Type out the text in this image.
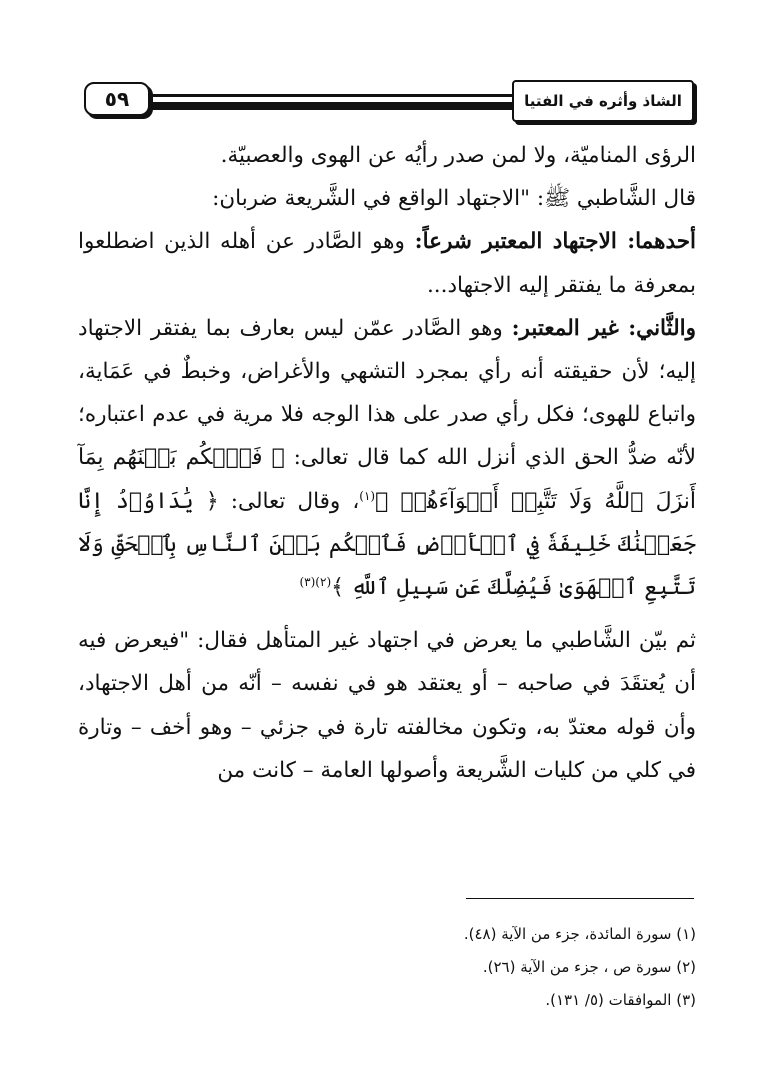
٥٩	الشاذ وأثره في الفتيا

الرؤى المناميّة، ولا لمن صدر رأيُه عن الهوى والعصبيّة.

قال الشَّاطبي ﷺ: "الاجتهاد الواقع في الشَّريعة ضربان:

أحدهما: الاجتهاد المعتبر شرعاً: وهو الصَّادر عن أهله الذين اضطلعوا بمعرفة ما يفتقر إليه الاجتهاد...

والثَّاني: غير المعتبر: وهو الصَّادر عمّن ليس بعارف بما يفتقر الاجتهاد إليه؛ لأن حقيقته أنه رأي بمجرد التشهي والأغراض، وخبطٌ في عَمَاية، واتباع للهوى؛ فكل رأي صدر على هذا الوجه فلا مرية في عدم اعتباره؛ لأنّه ضدُّ الحق الذي أنزل الله كما قال تعالى: ﴿ فَٱحۡكُم بَيۡنَهُم بِمَآ أَنزَلَ ٱللَّهُ وَلَا تَتَّبِعۡ أَهۡوَآءَهُمۡ ﴾$^{(١)}$، وقال تعالى: ﴿ يَٰدَاوُۥدُ إِنَّا جَعَلۡنَٰكَ خَلِيفَةٗ فِي ٱلۡأَرۡضِ فَٱحۡكُم بَيۡنَ ٱلنَّاسِ بِٱلۡحَقِّ وَلَا تَتَّبِعِ ٱلۡهَوَىٰ فَيُضِلَّكَ عَن سَبِيلِ ٱللَّهِ ﴾$^{(٢)(٣)}$

ثم بيّن الشَّاطبي ما يعرض في اجتهاد غير المتأهل فقال: "فيعرض فيه أن يُعتقَدَ في صاحبه – أو يعتقد هو في نفسه – أنّه من أهل الاجتهاد، وأن قوله معتدّ به، وتكون مخالفته تارة في جزئي – وهو أخف – وتارة في كلي من كليات الشَّريعة وأصولها العامة – كانت من

(١) سورة المائدة، جزء من الآية (٤٨).
(٢) سورة ص ، جزء من الآية (٢٦).
(٣) الموافقات (٥/ ١٣١).
